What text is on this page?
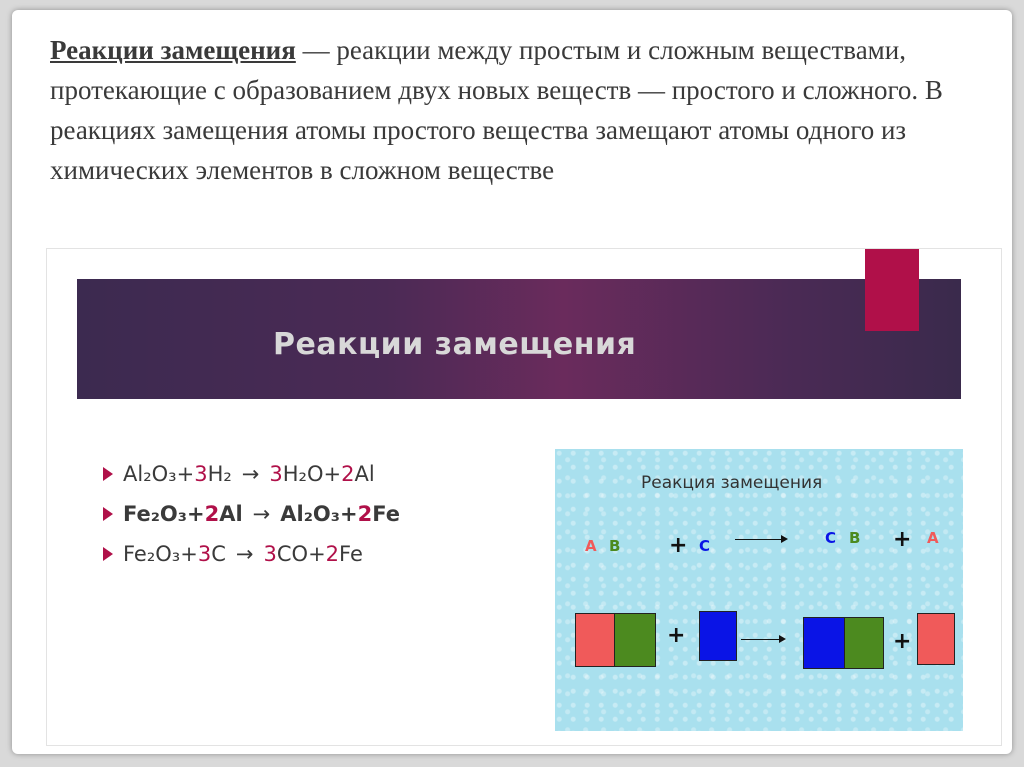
Реакции замещения — реакции между простым и сложным веществами, протекающие с образованием двух новых веществ — простого и сложного. В реакциях замещения атомы простого вещества замещают атомы одного из химических элементов в сложном веществе
Реакции замещения
Al₂O₃ + 3 H₂ → 3 H₂O + 2 Al
Fe₂O₃ + 2 Al → Al₂O₃ + 2 Fe
Fe₂O₃ + 3 C → 3 CO + 2 Fe
Реакция замещения
A B + C	C B + A
+	+
